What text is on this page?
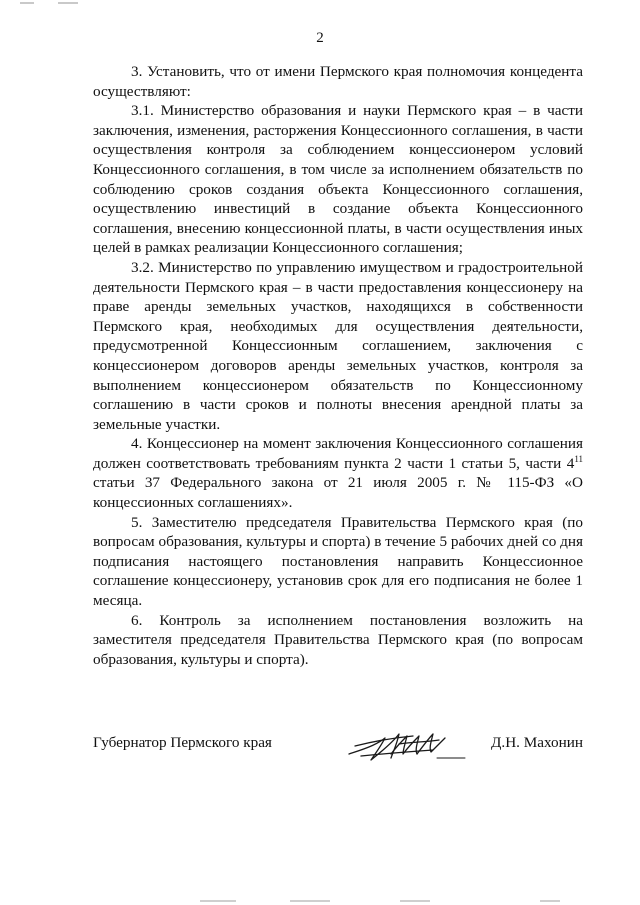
2

3. Установить, что от имени Пермского края полномочия концедента осуществляют:

3.1. Министерство образования и науки Пермского края – в части заключения, изменения, расторжения Концессионного соглашения, в части осуществления контроля за соблюдением концессионером условий Концессионного соглашения, в том числе за исполнением обязательств по соблюдению сроков создания объекта Концессионного соглашения, осуществлению инвестиций в создание объекта Концессионного соглашения, внесению концессионной платы, в части осуществления иных целей в рамках реализации Концессионного соглашения;

3.2. Министерство по управлению имуществом и градостроительной деятельности Пермского края – в части предоставления концессионеру на праве аренды земельных участков, находящихся в собственности Пермского края, необходимых для осуществления деятельности, предусмотренной Концессионным соглашением, заключения с концессионером договоров аренды земельных участков, контроля за выполнением концессионером обязательств по Концессионному соглашению в части сроков и полноты внесения арендной платы за земельные участки.

4. Концессионер на момент заключения Концессионного соглашения должен соответствовать требованиям пункта 2 части 1 статьи 5, части $4^{11}$ статьи 37 Федерального закона от 21 июля 2005 г. № 115-ФЗ «О концессионных соглашениях».

5. Заместителю председателя Правительства Пермского края (по вопросам образования, культуры и спорта) в течение 5 рабочих дней со дня подписания настоящего постановления направить Концессионное соглашение концессионеру, установив срок для его подписания не более 1 месяца.

6. Контроль за исполнением постановления возложить на заместителя председателя Правительства Пермского края (по вопросам образования, культуры и спорта).

Губернатор Пермского края	Д.Н. Махонин
